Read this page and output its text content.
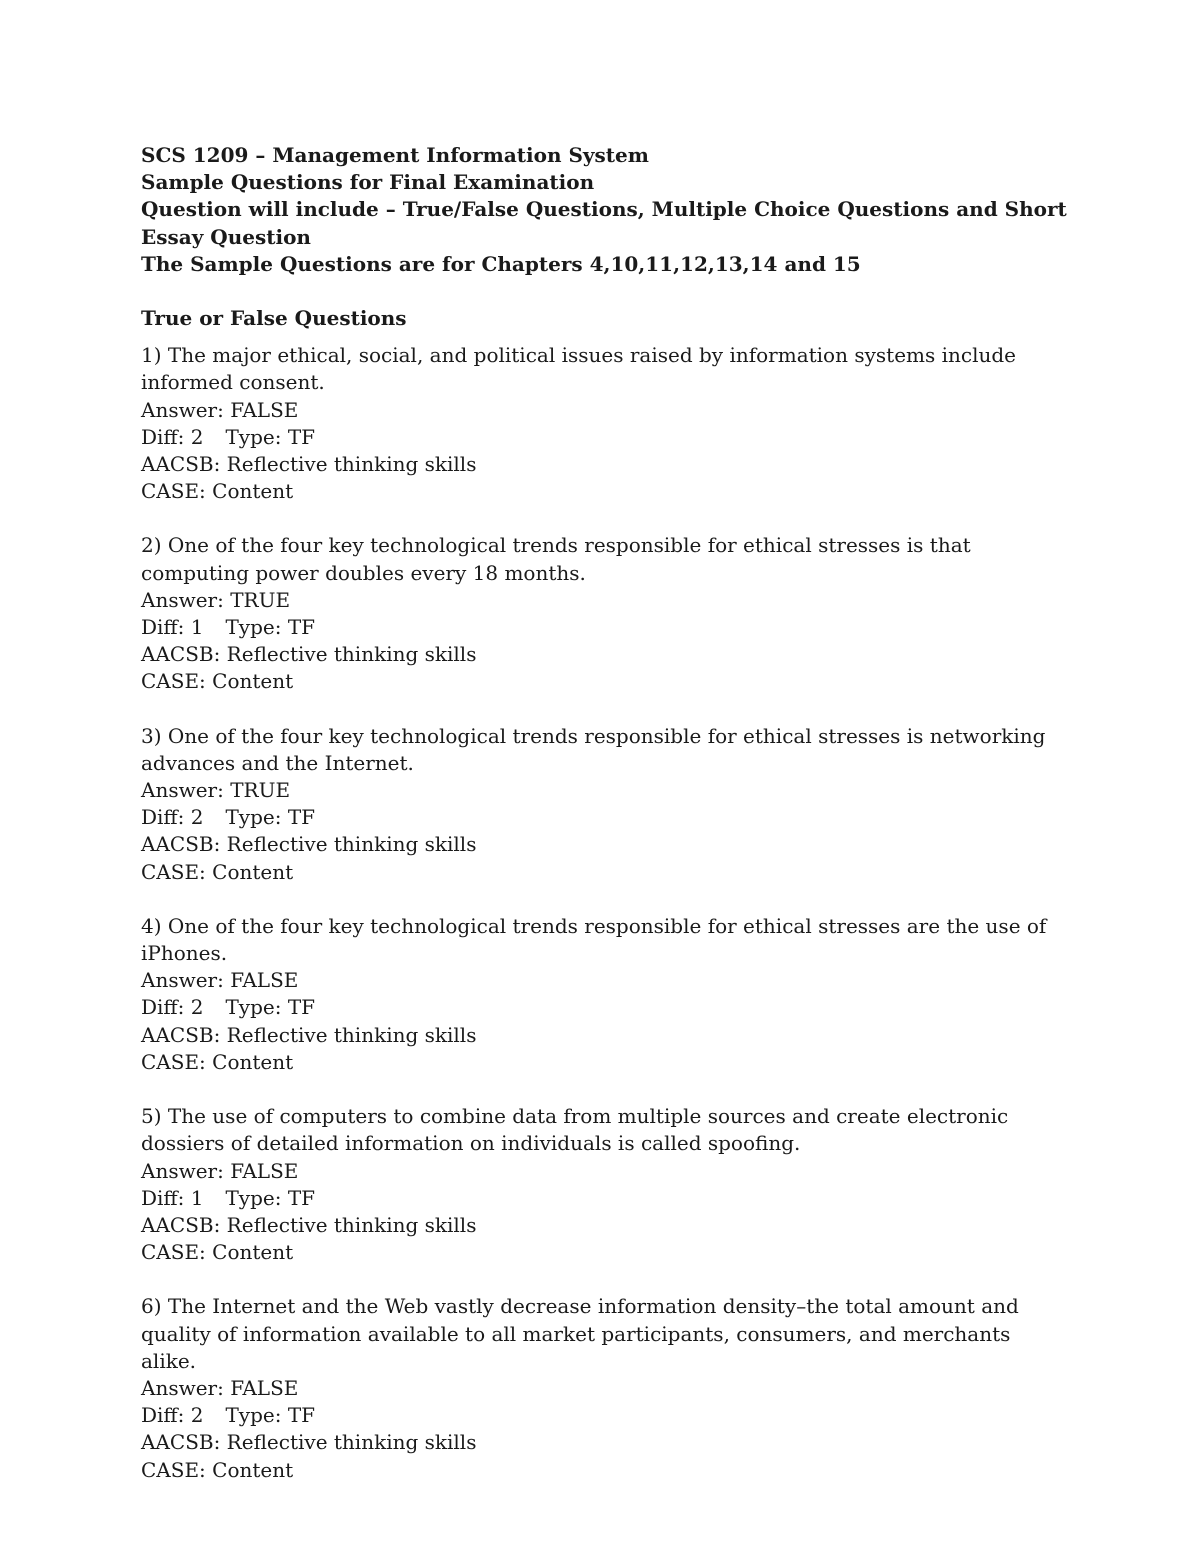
SCS 1209 – Management Information System

Sample Questions for Final Examination

Question will include – True/False Questions, Multiple Choice Questions and Short Essay Question

The Sample Questions are for Chapters 4,10,11,12,13,14 and 15

True or False Questions

1) The major ethical, social, and political issues raised by information systems include informed consent.

Answer: FALSE

Diff: 2 Type: TF

AACSB: Reflective thinking skills

CASE: Content

2) One of the four key technological trends responsible for ethical stresses is that computing power doubles every 18 months.

Answer: TRUE

Diff: 1 Type: TF

AACSB: Reflective thinking skills

CASE: Content

3) One of the four key technological trends responsible for ethical stresses is networking advances and the Internet.

Answer: TRUE

Diff: 2 Type: TF

AACSB: Reflective thinking skills

CASE: Content

4) One of the four key technological trends responsible for ethical stresses are the use of iPhones.

Answer: FALSE

Diff: 2 Type: TF

AACSB: Reflective thinking skills

CASE: Content

5) The use of computers to combine data from multiple sources and create electronic dossiers of detailed information on individuals is called spoofing.

Answer: FALSE

Diff: 1 Type: TF

AACSB: Reflective thinking skills

CASE: Content

6) The Internet and the Web vastly decrease information density–the total amount and quality of information available to all market participants, consumers, and merchants alike.

Answer: FALSE

Diff: 2 Type: TF

AACSB: Reflective thinking skills

CASE: Content
